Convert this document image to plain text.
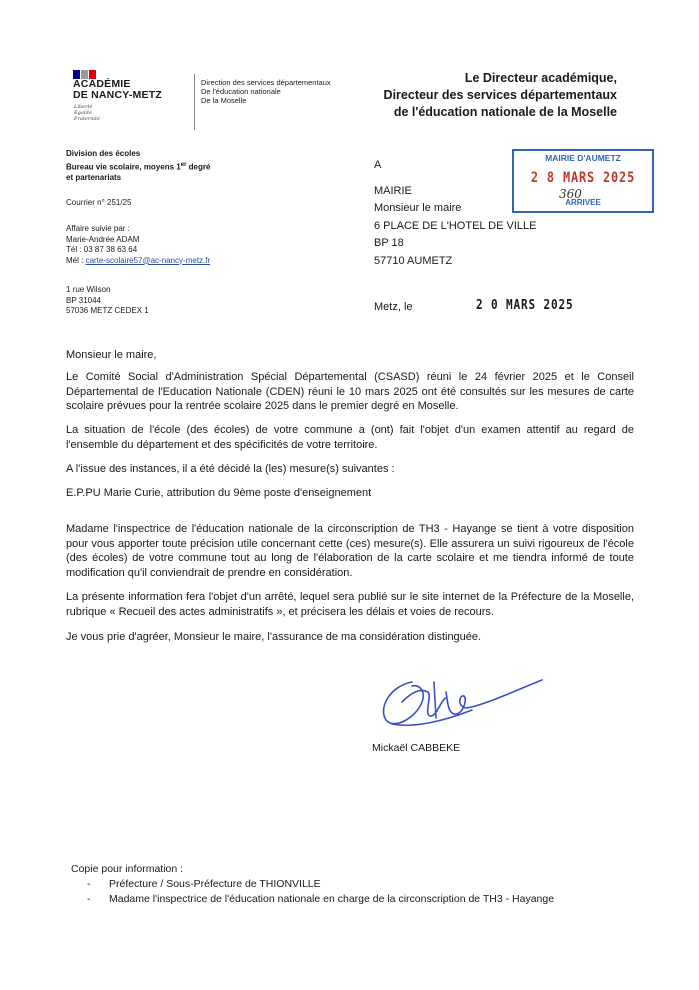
ACADÉMIE
DE NANCY-METZ
Liberté
Égalité
Fraternité
Direction des services départementaux
De l'éducation nationale
De la Moselle
Le Directeur académique,
Directeur des services départementaux
de l'éducation nationale de la Moselle
Division des écoles
Bureau vie scolaire, moyens 1er degré
et partenariats
Courrier n° 251/25
Affaire suivie par :
Marie-Andrée ADAM
Tél : 03 87 38 63 64
Mél : carte-scolaire57@ac-nancy-metz.fr
1 rue Wilson
BP 31044
57036 METZ CEDEX 1
A
MAIRIE
Monsieur le maire
6 PLACE DE L'HOTEL DE VILLE
BP 18
57710 AUMETZ
MAIRIE D'AUMETZ
2 8 MARS 2025
360
ARRIVEE
Metz, le	2 0 MARS 2025
Monsieur le maire,
Le Comité Social d'Administration Spécial Départemental (CSASD) réuni le 24 février 2025 et le Conseil Départemental de l'Education Nationale (CDEN) réuni le 10 mars 2025 ont été consultés sur les mesures de carte scolaire prévues pour la rentrée scolaire 2025 dans le premier degré en Moselle.
La situation de l'école (des écoles) de votre commune a (ont) fait l'objet d'un examen attentif au regard de l'ensemble du département et des spécificités de votre territoire.
A l'issue des instances, il a été décidé la (les) mesure(s) suivantes :
E.P.PU Marie Curie, attribution du 9ème poste d'enseignement
Madame l'inspectrice de l'éducation nationale de la circonscription de TH3 - Hayange se tient à votre disposition pour vous apporter toute précision utile concernant cette (ces) mesure(s). Elle assurera un suivi rigoureux de l'école (des écoles) de votre commune tout au long de l'élaboration de la carte scolaire et me tiendra informé de toute modification qu'il conviendrait de prendre en considération.
La présente information fera l'objet d'un arrêté, lequel sera publié sur le site internet de la Préfecture de la Moselle, rubrique « Recueil des actes administratifs », et précisera les délais et voies de recours.
Je vous prie d'agréer, Monsieur le maire, l'assurance de ma considération distinguée.
Mickaël CABBEKE
Copie pour information :
- Préfecture / Sous-Préfecture de THIONVILLE
- Madame l'inspectrice de l'éducation nationale en charge de la circonscription de TH3 - Hayange
